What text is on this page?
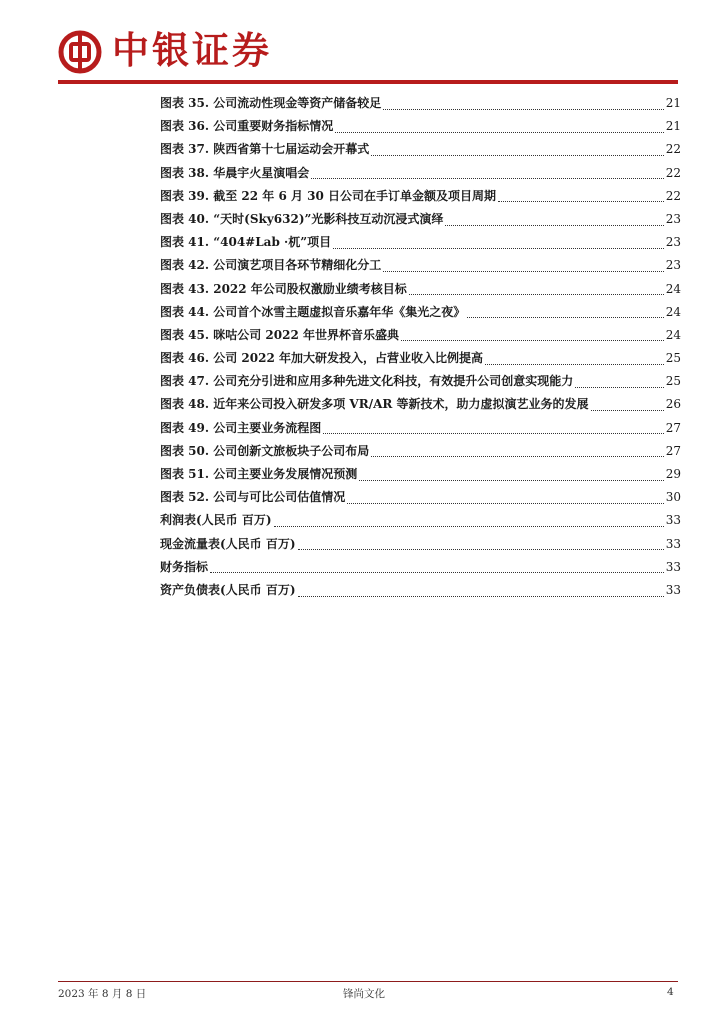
中银证券
图表 35. 公司流动性现金等资产储备较足	21
图表 36. 公司重要财务指标情况	21
图表 37. 陕西省第十七届运动会开幕式	22
图表 38. 华晨宇火星演唱会	22
图表 39. 截至 22 年 6 月 30 日公司在手订单金额及项目周期	22
图表 40. “天时(Sky632)”光影科技互动沉浸式演绎	23
图表 41. “404#Lab ·杌”项目	23
图表 42. 公司演艺项目各环节精细化分工	23
图表 43. 2022 年公司股权激励业绩考核目标	24
图表 44. 公司首个冰雪主题虚拟音乐嘉年华《集光之夜》	24
图表 45. 咪咕公司 2022 年世界杯音乐盛典	24
图表 46. 公司 2022 年加大研发投入，占营业收入比例提高	25
图表 47. 公司充分引进和应用多种先进文化科技，有效提升公司创意实现能力	25
图表 48. 近年来公司投入研发多项 VR/AR 等新技术，助力虚拟演艺业务的发展	26
图表 49. 公司主要业务流程图	27
图表 50. 公司创新文旅板块子公司布局	27
图表 51. 公司主要业务发展情况预测	29
图表 52. 公司与可比公司估值情况	30
利润表(人民币 百万)	33
现金流量表(人民币 百万)	33
财务指标	33
资产负债表(人民币 百万)	33
2023 年 8 月 8 日	锋尚文化	4
